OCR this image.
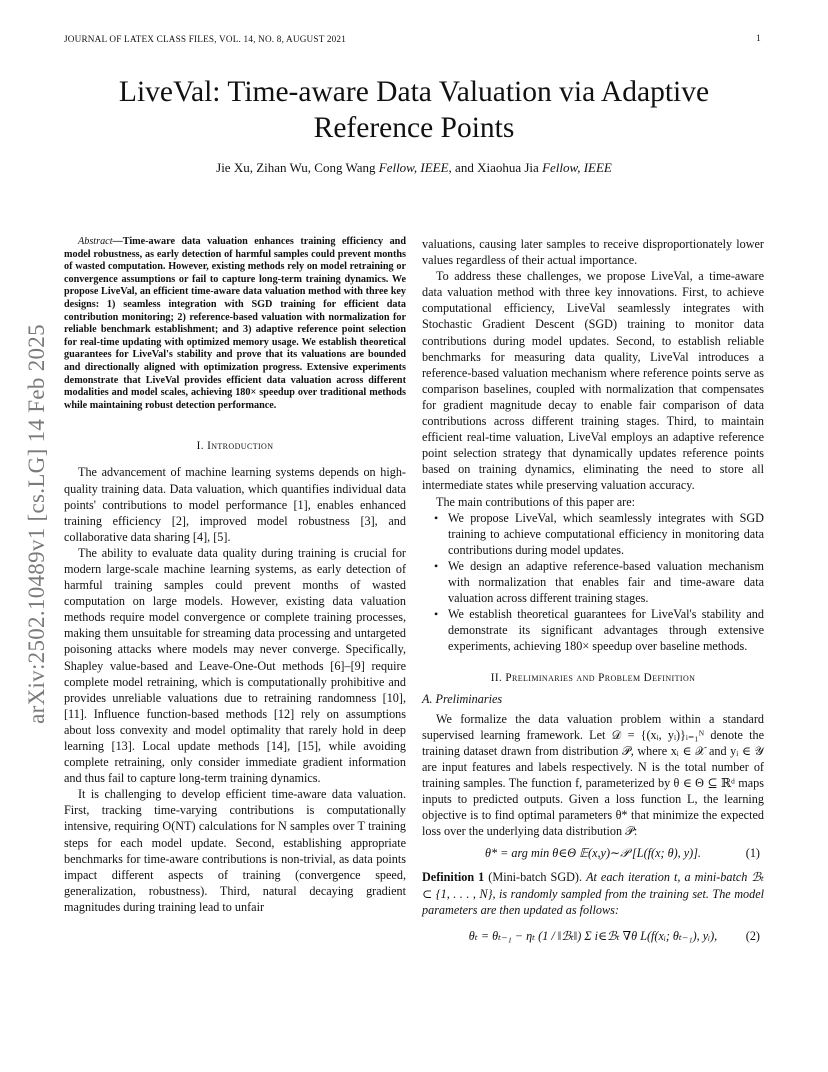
JOURNAL OF LATEX CLASS FILES, VOL. 14, NO. 8, AUGUST 2021	1
arXiv:2502.10489v1 [cs.LG] 14 Feb 2025
LiveVal: Time-aware Data Valuation via Adaptive Reference Points
Jie Xu, Zihan Wu, Cong Wang Fellow, IEEE, and Xiaohua Jia Fellow, IEEE

Abstract—Time-aware data valuation enhances training efficiency and model robustness, as early detection of harmful samples could prevent months of wasted computation. However, existing methods rely on model retraining or convergence assumptions or fail to capture long-term training dynamics. We propose LiveVal, an efficient time-aware data valuation method with three key designs: 1) seamless integration with SGD training for efficient data contribution monitoring; 2) reference-based valuation with normalization for reliable benchmark establishment; and 3) adaptive reference point selection for real-time updating with optimized memory usage. We establish theoretical guarantees for LiveVal's stability and prove that its valuations are bounded and directionally aligned with optimization progress. Extensive experiments demonstrate that LiveVal provides efficient data valuation across different modalities and model scales, achieving 180× speedup over traditional methods while maintaining robust detection performance.

I. Introduction

The advancement of machine learning systems depends on high-quality training data. Data valuation, which quantifies individual data points' contributions to model performance [1], enables enhanced training efficiency [2], improved model robustness [3], and collaborative data sharing [4], [5].

The ability to evaluate data quality during training is crucial for modern large-scale machine learning systems, as early detection of harmful training samples could prevent months of wasted computation on large models. However, existing data valuation methods require model convergence or complete training processes, making them unsuitable for streaming data processing and untargeted poisoning attacks where models may never converge. Specifically, Shapley value-based and Leave-One-Out methods [6]–[9] require complete model retraining, which is computationally prohibitive and provides unreliable valuations due to retraining randomness [10], [11]. Influence function-based methods [12] rely on assumptions about loss convexity and model optimality that rarely hold in deep learning [13]. Local update methods [14], [15], while avoiding complete retraining, only consider immediate gradient information and thus fail to capture long-term training dynamics.

It is challenging to develop efficient time-aware data valuation. First, tracking time-varying contributions is computationally intensive, requiring O(NT) calculations for N samples over T training steps for each model update. Second, establishing appropriate benchmarks for time-aware contributions is non-trivial, as data points impact different aspects of training (convergence speed, generalization, robustness). Third, natural decaying gradient magnitudes during training lead to unfair

valuations, causing later samples to receive disproportionately lower values regardless of their actual importance.

To address these challenges, we propose LiveVal, a time-aware data valuation method with three key innovations. First, to achieve computational efficiency, LiveVal seamlessly integrates with Stochastic Gradient Descent (SGD) training to monitor data contributions during model updates. Second, to establish reliable benchmarks for measuring data quality, LiveVal introduces a reference-based valuation mechanism where reference points serve as comparison baselines, coupled with normalization that compensates for gradient magnitude decay to enable fair comparison of data contributions across different training stages. Third, to maintain efficient real-time valuation, LiveVal employs an adaptive reference point selection strategy that dynamically updates reference points based on training dynamics, eliminating the need to store all intermediate states while preserving valuation accuracy.

The main contributions of this paper are:

• We propose LiveVal, which seamlessly integrates with SGD training to achieve computational efficiency in monitoring data contributions during model updates.
• We design an adaptive reference-based valuation mechanism with normalization that enables fair and time-aware data valuation across different training stages.
• We establish theoretical guarantees for LiveVal's stability and demonstrate its significant advantages through extensive experiments, achieving 180× speedup over baseline methods.
II. Preliminaries and Problem Definition
A. Preliminaries

We formalize the data valuation problem within a standard supervised learning framework. Let 𝒟 = {(xᵢ, yᵢ)}ᵢ₌₁ᴺ denote the training dataset drawn from distribution 𝒫, where xᵢ ∈ 𝒳 and yᵢ ∈ 𝒴 are input features and labels respectively. N is the total number of training samples. The function f, parameterized by θ ∈ Θ ⊆ ℝᵈ maps inputs to predicted outputs. Given a loss function L, the learning objective is to find optimal parameters θ* that minimize the expected loss over the underlying data distribution 𝒫:

θ* = arg min θ∈Θ 𝔼(x,y)∼𝒫 [L(f(x; θ), y)].	(1)

Definition 1 (Mini-batch SGD). At each iteration t, a mini-batch ℬₜ ⊂ {1, . . . , N}, is randomly sampled from the training set. The model parameters are then updated as follows:

θₜ = θₜ₋₁ − ηₜ (1 / ‖ℬₜ‖) Σ i∈ℬₜ ∇θ L(f(xᵢ; θₜ₋₁), yᵢ), (2)
